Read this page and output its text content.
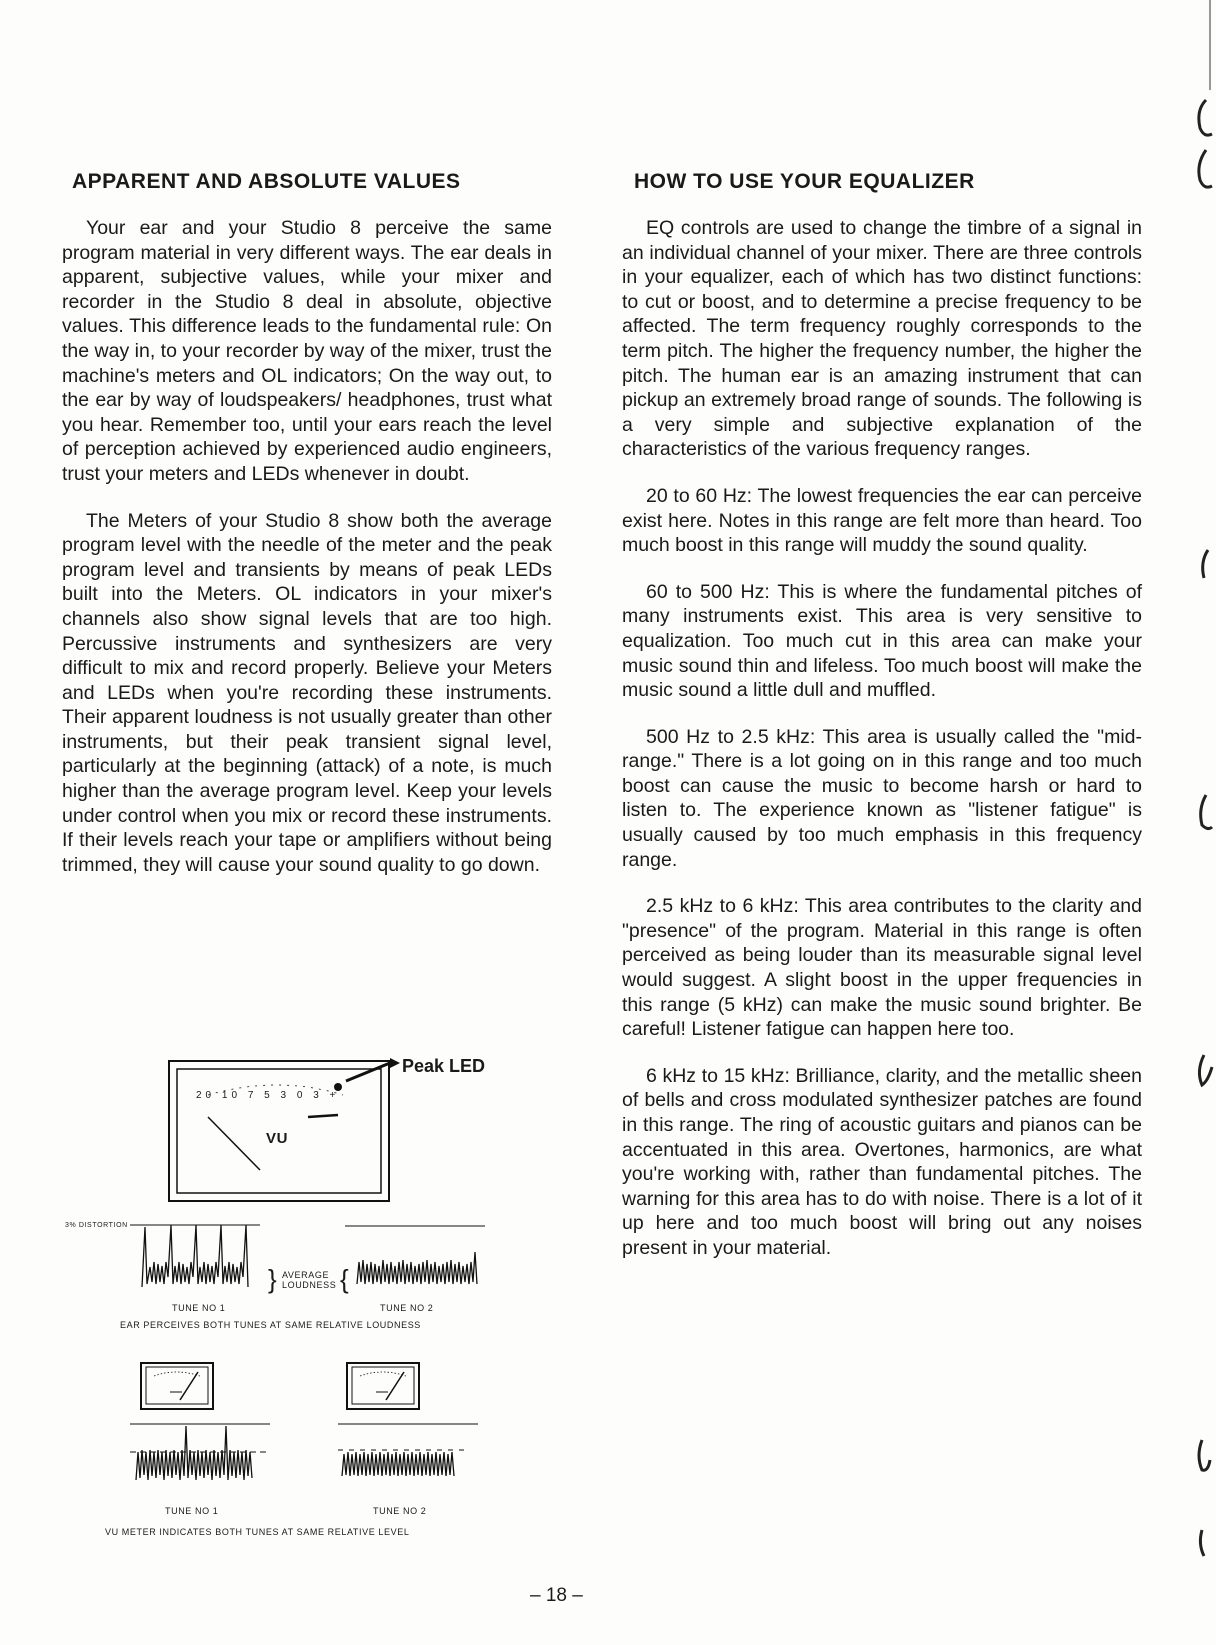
APPARENT AND ABSOLUTE VALUES

Your ear and your Studio 8 perceive the same program material in very different ways. The ear deals in apparent, subjective values, while your mixer and recorder in the Studio 8 deal in absolute, objective values. This difference leads to the fundamental rule: On the way in, to your recorder by way of the mixer, trust the machine's meters and OL indicators; On the way out, to the ear by way of loudspeakers/ headphones, trust what you hear. Remember too, until your ears reach the level of perception achieved by experienced audio engineers, trust your meters and LEDs whenever in doubt.

The Meters of your Studio 8 show both the average program level with the needle of the meter and the peak program level and transients by means of peak LEDs built into the Meters. OL indicators in your mixer's channels also show signal levels that are too high. Percussive instruments and synthesizers are very difficult to mix and record properly. Believe your Meters and LEDs when you're recording these instruments. Their apparent loudness is not usually greater than other instruments, but their peak transient signal level, particularly at the beginning (attack) of a note, is much higher than the average program level. Keep your levels under control when you mix or record these instruments. If their levels reach your tape or amplifiers without being trimmed, they will cause your sound quality to go down.

HOW TO USE YOUR EQUALIZER

EQ controls are used to change the timbre of a signal in an individual channel of your mixer. There are three controls in your equalizer, each of which has two distinct functions: to cut or boost, and to determine a precise frequency to be affected. The term frequency roughly corresponds to the term pitch. The higher the frequency number, the higher the pitch. The human ear is an amazing instrument that can pickup an extremely broad range of sounds. The following is a very simple and subjective explanation of the characteristics of the various frequency ranges.

20 to 60 Hz: The lowest frequencies the ear can perceive exist here. Notes in this range are felt more than heard. Too much boost in this range will muddy the sound quality.

60 to 500 Hz: This is where the fundamental pitches of many instruments exist. This area is very sensitive to equalization. Too much cut in this area can make your music sound thin and lifeless. Too much boost will make the music sound a little dull and muffled.

500 Hz to 2.5 kHz: This area is usually called the "mid-range." There is a lot going on in this range and too much boost can cause the music to become harsh or hard to listen to. The experience known as "listener fatigue" is usually caused by too much emphasis in this frequency range.

2.5 kHz to 6 kHz: This area contributes to the clarity and "presence" of the program. Material in this range is often perceived as being louder than its measurable signal level would suggest. A slight boost in the upper frequencies in this range (5 kHz) can make the music sound brighter. Be careful! Listener fatigue can happen here too.

6 kHz to 15 kHz: Brilliance, clarity, and the metallic sheen of bells and cross modulated synthesizer patches are found in this range. The ring of acoustic guitars and pianos can be accentuated in this area. Overtones, harmonics, are what you're working with, rather than fundamental pitches. The warning for this area has to do with noise. There is a lot of it up here and too much boost will bring out any noises present in your material.

20 10 7 5 3 0 3 +
VU
Peak LED
3% DISTORTION
} AVERAGE
LOUDNESS {
TUNE NO 1	TUNE NO 2
EAR PERCEIVES BOTH TUNES AT SAME RELATIVE LOUDNESS
TUNE NO 1	TUNE NO 2
VU METER INDICATES BOTH TUNES AT SAME RELATIVE LEVEL
– 18 –
